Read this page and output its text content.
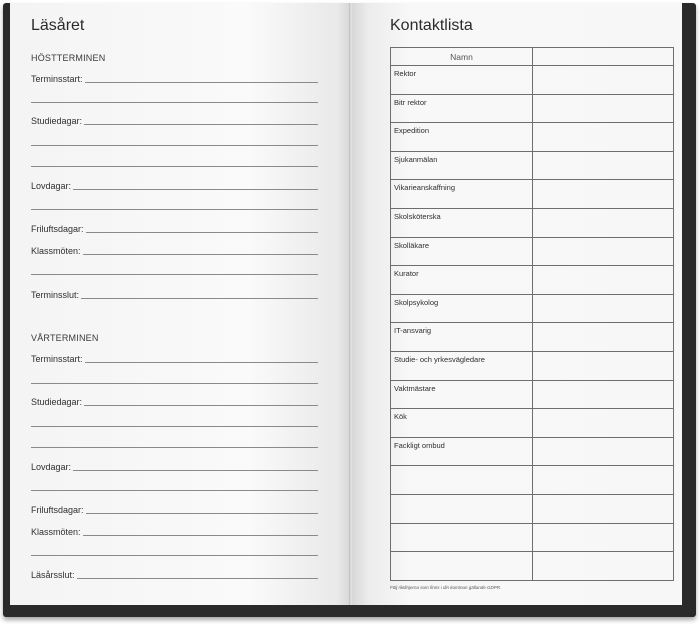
Läsåret
HÖSTTERMINEN
Terminsstart:
Studiedagar:
Lovdagar:
Friluftsdagar:
Klassmöten:
Terminsslut:
VÅRTERMINEN
Terminsstart:
Studiedagar:
Lovdagar:
Friluftsdagar:
Klassmöten:
Läsårsslut:
Kontaktlista
Namn	

Rektor	

Bitr rektor	

Expedition	

Sjukanmälan	

Vikarieanskaffning	

Skolsköterska	

Skolläkare	

Kurator	

Skolpsykolog	

IT-ansvarig	

Studie- och yrkesvägledare	

Vaktmästare	

Kök	

Fackligt ombud	

Följ riktlinjerna som finns i din kommun gällande GDPR.
